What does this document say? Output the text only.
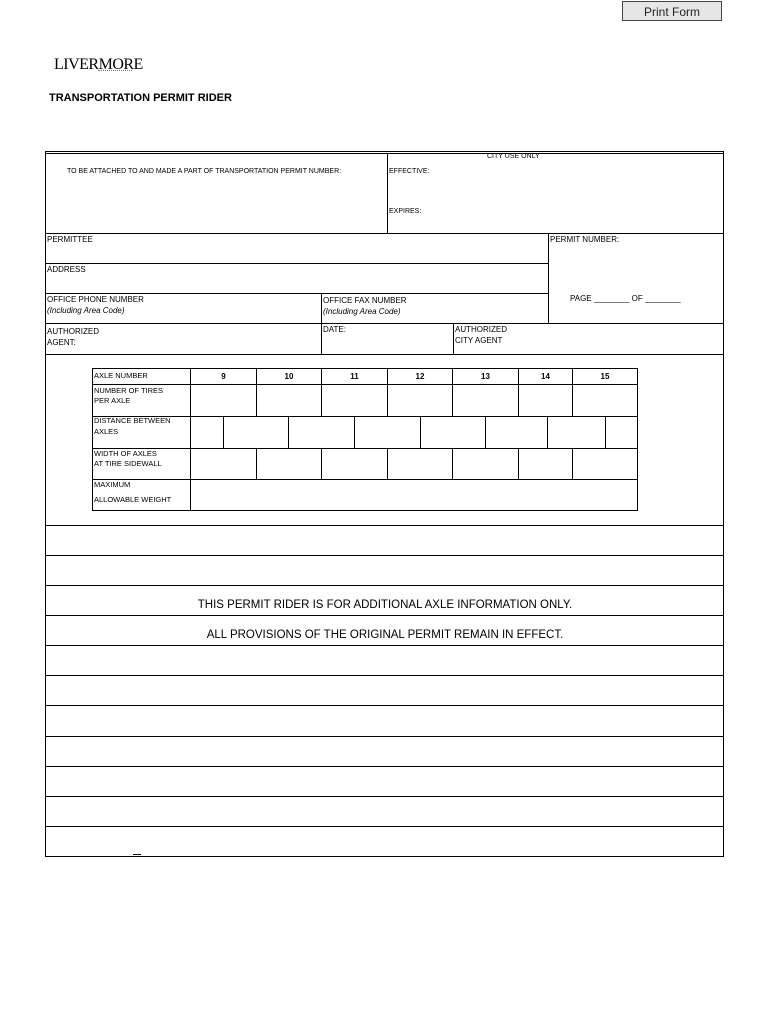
Print Form
LIVERMORE
TRANSPORTATION PERMIT RIDER
CITY USE ONLY
TO BE ATTACHED TO AND MADE A PART OF TRANSPORTATION PERMIT NUMBER:	EFFECTIVE:
EXPIRES:
PERMITTEE	PERMIT NUMBER:
ADDRESS
OFFICE PHONE NUMBER
(Including Area Code)
OFFICE FAX NUMBER
(Including Area Code)
PAGE ________ OF ________
AUTHORIZED
AGENT:
DATE:	AUTHORIZED
CITY AGENT
AXLE NUMBER	9	10	11	12	13	14	15
NUMBER OF TIRES
PER AXLE
DISTANCE BETWEEN
AXLES
WIDTH OF AXLES
AT TIRE SIDEWALL
MAXIMUM
ALLOWABLE WEIGHT
THIS PERMIT RIDER IS FOR ADDITIONAL AXLE INFORMATION ONLY.
ALL PROVISIONS OF THE ORIGINAL PERMIT REMAIN IN EFFECT.
